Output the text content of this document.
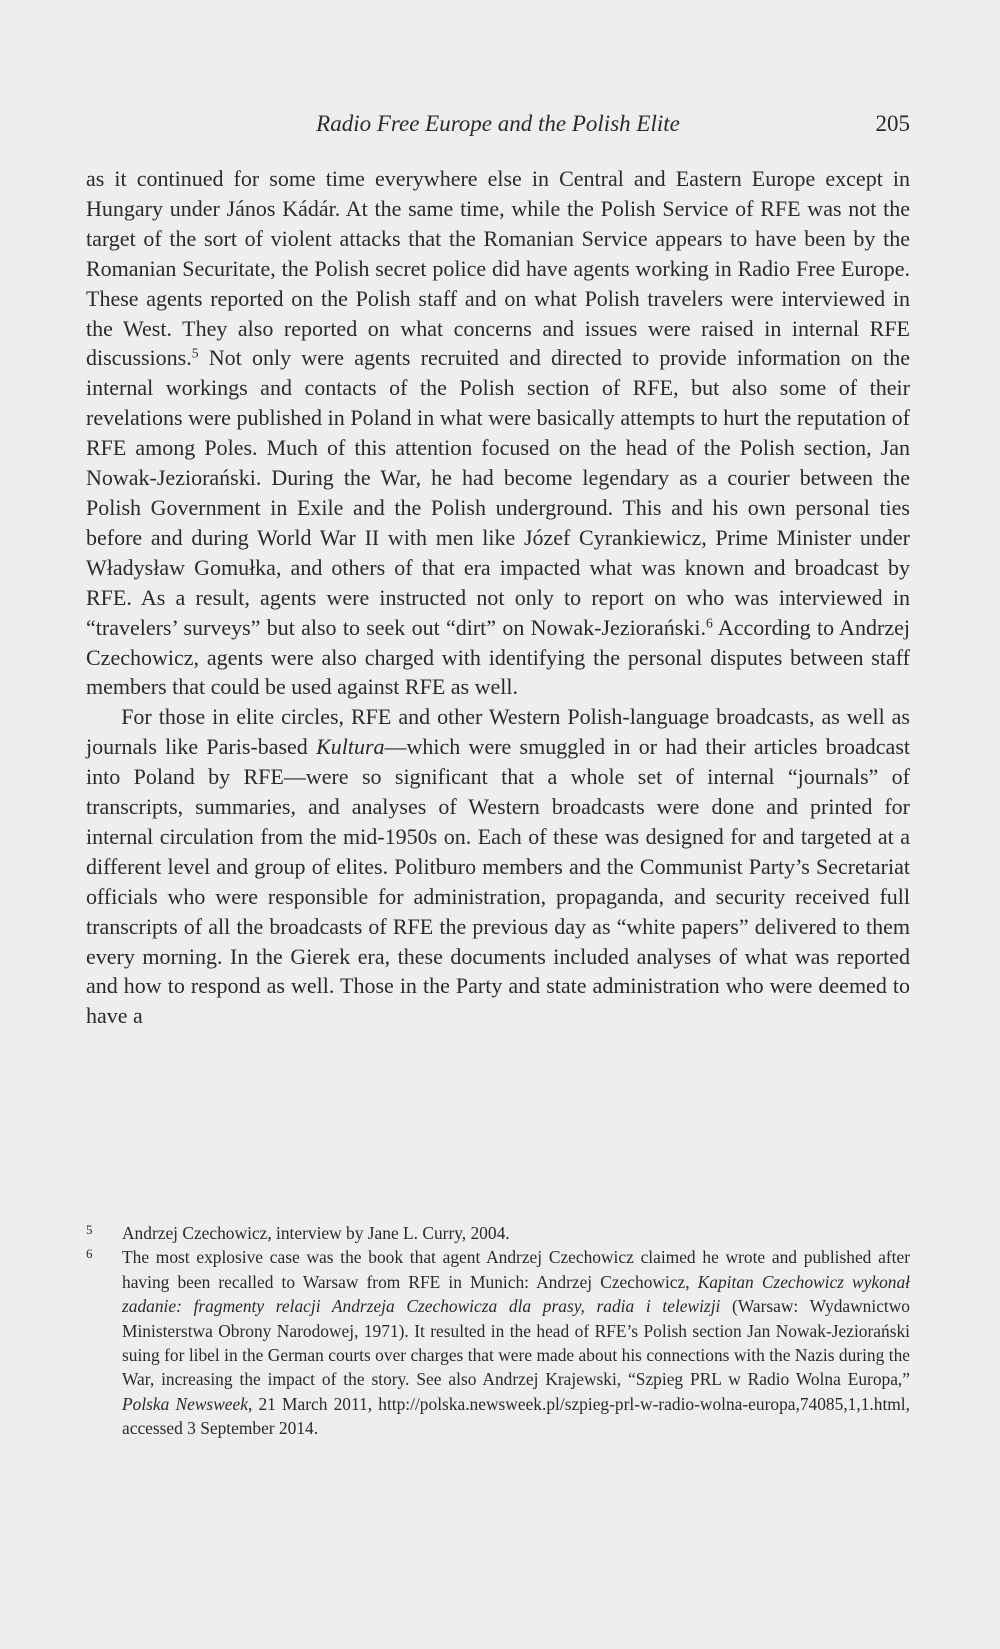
Radio Free Europe and the Polish Elite	205

as it continued for some time everywhere else in Central and Eastern Europe except in Hungary under János Kádár. At the same time, while the Polish Service of RFE was not the target of the sort of violent attacks that the Romanian Service appears to have been by the Romanian Securitate, the Polish secret police did have agents working in Radio Free Europe. These agents reported on the Polish staff and on what Polish travelers were interviewed in the West. They also reported on what concerns and issues were raised in internal RFE discussions.$^5$ Not only were agents recruited and directed to provide information on the internal workings and contacts of the Polish section of RFE, but also some of their revelations were published in Poland in what were basically attempts to hurt the reputation of RFE among Poles. Much of this attention focused on the head of the Polish section, Jan Nowak-Jeziorański. During the War, he had become legendary as a courier between the Polish Government in Exile and the Polish underground. This and his own personal ties before and during World War II with men like Józef Cyrankiewicz, Prime Minister under Władysław Gomułka, and others of that era impacted what was known and broadcast by RFE. As a result, agents were instructed not only to report on who was interviewed in “travelers’ surveys” but also to seek out “dirt” on Nowak-Jeziorański.$^6$ According to Andrzej Czechowicz, agents were also charged with identifying the personal disputes between staff members that could be used against RFE as well.

For those in elite circles, RFE and other Western Polish-language broadcasts, as well as journals like Paris-based Kultura—which were smuggled in or had their articles broadcast into Poland by RFE—were so significant that a whole set of internal “journals” of transcripts, summaries, and analyses of Western broadcasts were done and printed for internal circulation from the mid-1950s on. Each of these was designed for and targeted at a different level and group of elites. Politburo members and the Communist Party’s Secretariat officials who were responsible for administration, propaganda, and security received full transcripts of all the broadcasts of RFE the previous day as “white papers” delivered to them every morning. In the Gierek era, these documents included analyses of what was reported and how to respond as well. Those in the Party and state administration who were deemed to have a

5 Andrzej Czechowicz, interview by Jane L. Curry, 2004.

6 The most explosive case was the book that agent Andrzej Czechowicz claimed he wrote and published after having been recalled to Warsaw from RFE in Munich: Andrzej Czechowicz, Kapitan Czechowicz wykonał zadanie: fragmenty relacji Andrzeja Czechowicza dla prasy, radia i telewizji (Warsaw: Wydawnictwo Ministerstwa Obrony Narodowej, 1971). It resulted in the head of RFE’s Polish section Jan Nowak-Jeziorański suing for libel in the German courts over charges that were made about his connections with the Nazis during the War, increasing the impact of the story. See also Andrzej Krajewski, “Szpieg PRL w Radio Wolna Europa,” Polska Newsweek, 21 March 2011, http://polska.newsweek.pl/szpieg-prl-w-radio-wolna-europa,74085,1,1.html, accessed 3 September 2014.
